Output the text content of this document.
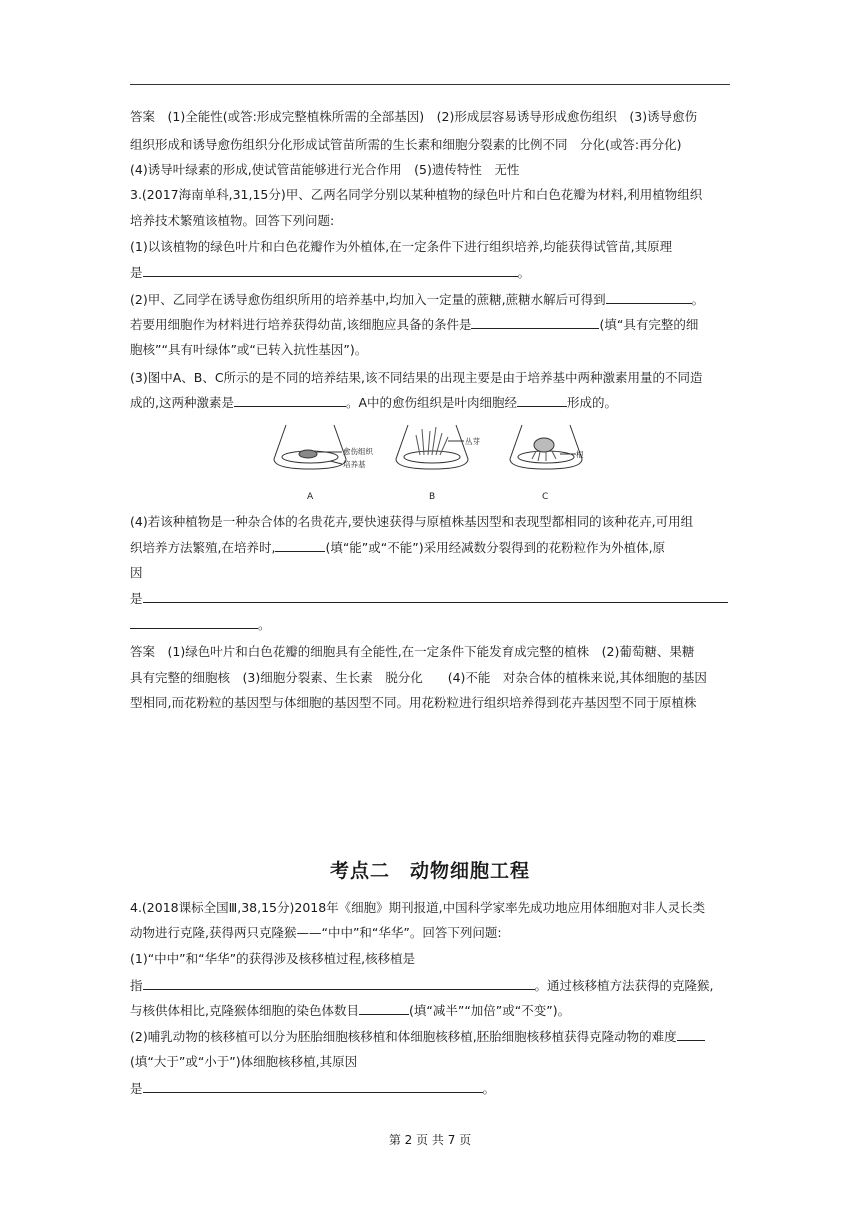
答案　(1)全能性(或答:形成完整植株所需的全部基因)　(2)形成层容易诱导形成愈伤组织　(3)诱导愈伤
组织形成和诱导愈伤组织分化形成试管苗所需的生长素和细胞分裂素的比例不同　分化(或答:再分化)
(4)诱导叶绿素的形成,使试管苗能够进行光合作用　(5)遗传特性　无性
3.(2017海南单科,31,15分)甲、乙两名同学分别以某种植物的绿色叶片和白色花瓣为材料,利用植物组织
培养技术繁殖该植物。回答下列问题:
(1)以该植物的绿色叶片和白色花瓣作为外植体,在一定条件下进行组织培养,均能获得试管苗,其原理
是	。
(2)甲、乙同学在诱导愈伤组织所用的培养基中,均加入一定量的蔗糖,蔗糖水解后可得到	。
若要用细胞作为材料进行培养获得幼苗,该细胞应具备的条件是	(填“具有完整的细
胞核”“具有叶绿体”或“已转入抗性基因”)。
(3)图中A、B、C所示的是不同的培养结果,该不同结果的出现主要是由于培养基中两种激素用量的不同造
成的,这两种激素是	。A中的愈伤组织是叶肉细胞经	形成的。
愈伤组织
培养基
A
丛芽
B
根
C
(4)若该种植物是一种杂合体的名贵花卉,要快速获得与原植株基因型和表现型都相同的该种花卉,可用组
织培养方法繁殖,在培养时,	(填“能”或“不能”)采用经减数分裂得到的花粉粒作为外植体,原
因
是
。
答案　(1)绿色叶片和白色花瓣的细胞具有全能性,在一定条件下能发育成完整的植株　(2)葡萄糖、果糖
具有完整的细胞核　(3)细胞分裂素、生长素　脱分化　　(4)不能　对杂合体的植株来说,其体细胞的基因
型相同,而花粉粒的基因型与体细胞的基因型不同。用花粉粒进行组织培养得到花卉基因型不同于原植株
考点二　动物细胞工程
4.(2018课标全国Ⅲ,38,15分)2018年《细胞》期刊报道,中国科学家率先成功地应用体细胞对非人灵长类
动物进行克隆,获得两只克隆猴——“中中”和“华华”。回答下列问题:
(1)“中中”和“华华”的获得涉及核移植过程,核移植是
指	。通过核移植方法获得的克隆猴,
与核供体相比,克隆猴体细胞的染色体数目	(填“减半”“加倍”或“不变”)。
(2)哺乳动物的核移植可以分为胚胎细胞核移植和体细胞核移植,胚胎细胞核移植获得克隆动物的难度
(填“大于”或“小于”)体细胞核移植,其原因
是	。
第 2 页 共 7 页
